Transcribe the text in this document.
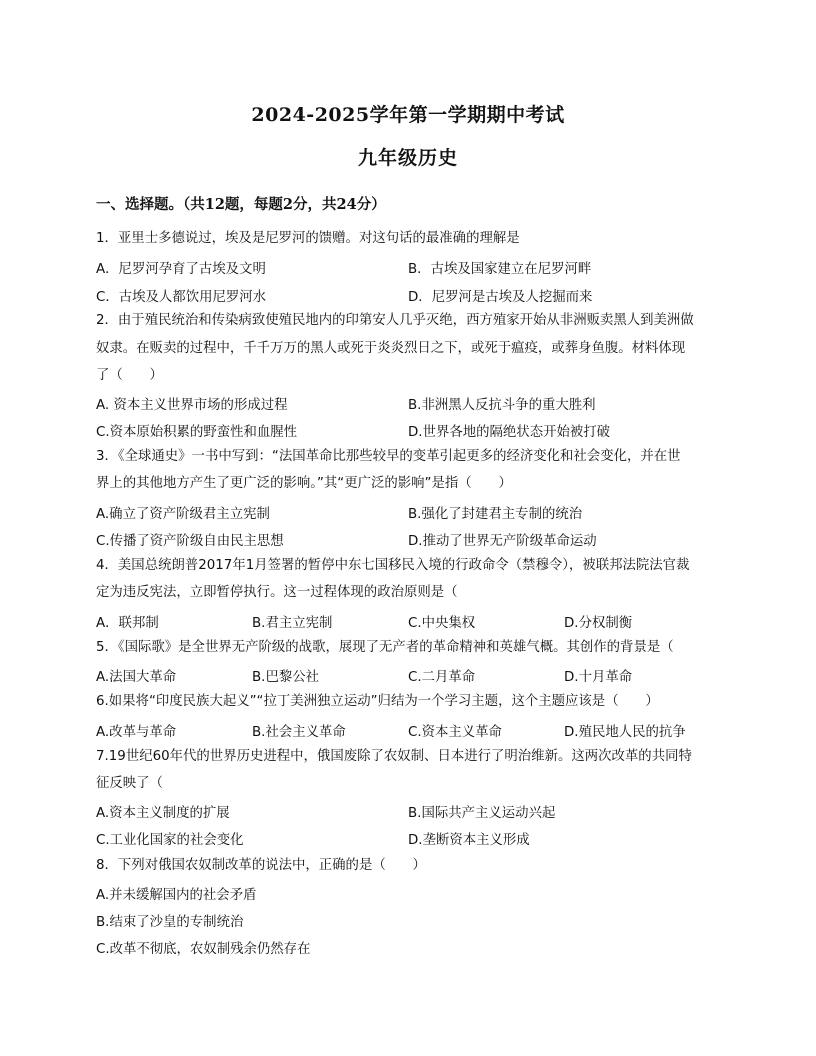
2024-2025学年第一学期期中考试
九年级历史
一、选择题。（共12题，每题2分，共24分）
1．亚里士多德说过，埃及是尼罗河的馈赠。对这句话的最准确的理解是
A．尼罗河孕育了古埃及文明	B．古埃及国家建立在尼罗河畔
C．古埃及人都饮用尼罗河水	D．尼罗河是古埃及人挖掘而来
2．由于殖民统治和传染病致使殖民地内的印第安人几乎灭绝，西方殖家开始从非洲贩卖黑人到美洲做
奴隶。在贩卖的过程中，千千万万的黑人或死于炎炎烈日之下，或死于瘟疫，或葬身鱼腹。材料体现
了（　　）
A. 资本主义世界市场的形成过程	B.非洲黑人反抗斗争的重大胜利
C.资本原始积累的野蛮性和血腥性	D.世界各地的隔绝状态开始被打破
3．《全球通史》一书中写到：“法国革命比那些较早的变革引起更多的经济变化和社会变化，并在世
界上的其他地方产生了更广泛的影响。”其“更广泛的影响”是指（　　）
A.确立了资产阶级君主立宪制	B.强化了封建君主专制的统治
C.传播了资产阶级自由民主思想	D.推动了世界无产阶级革命运动
4．美国总统朗普2017年1月签署的暂停中东七国移民入境的行政命令（禁穆令），被联邦法院法官裁
定为违反宪法，立即暂停执行。这一过程体现的政治原则是（
A．联邦制	B.君主立宪制	C.中央集权	D.分权制衡
5．《国际歌》是全世界无产阶级的战歌，展现了无产者的革命精神和英雄气概。其创作的背景是（
A.法国大革命	B.巴黎公社	C.二月革命	D.十月革命
6.如果将“印度民族大起义”“拉丁美洲独立运动”归结为一个学习主题，这个主题应该是（　　）
A.改革与革命	B.社会主义革命	C.资本主义革命	D.殖民地人民的抗争
7.19世纪60年代的世界历史进程中，俄国废除了农奴制、日本进行了明治维新。这两次改革的共同特
征反映了（
A.资本主义制度的扩展	B.国际共产主义运动兴起
C.工业化国家的社会变化	D.垄断资本主义形成
8．下列对俄国农奴制改革的说法中，正确的是（　　）
A.并未缓解国内的社会矛盾
B.结束了沙皇的专制统治
C.改革不彻底，农奴制残余仍然存在
